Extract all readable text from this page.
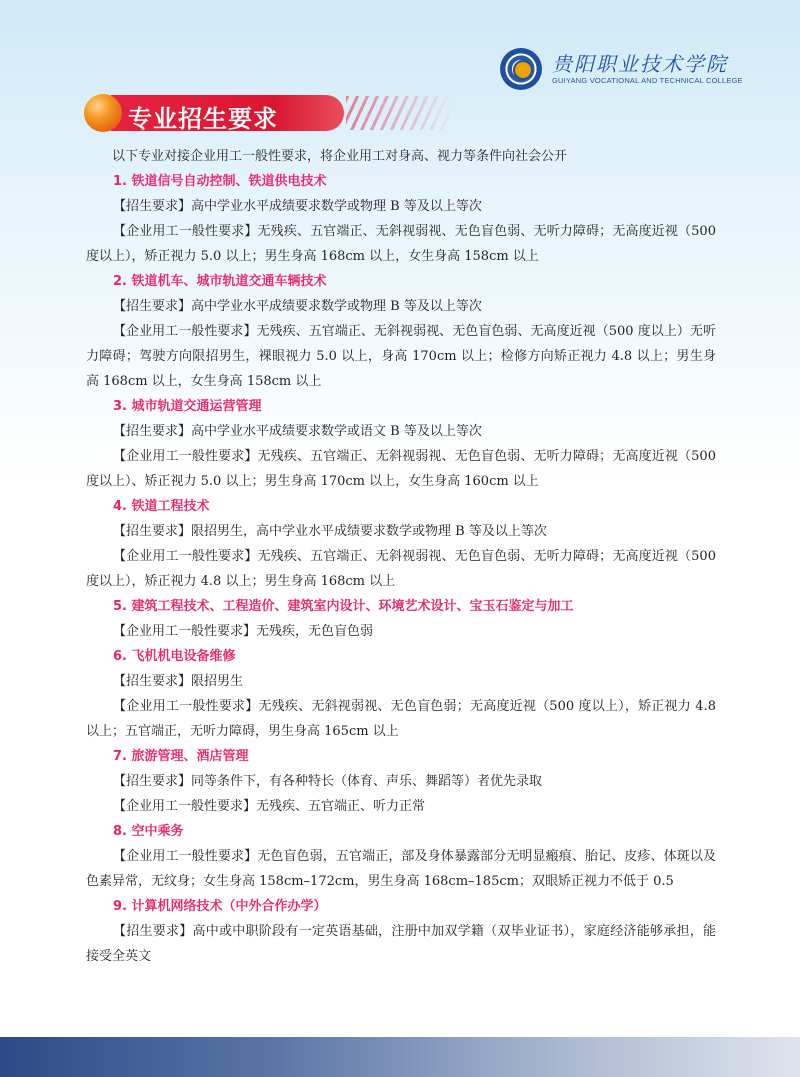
贵阳职业技术学院
GUIYANG VOCATIONAL AND TECHNICAL COLLEGE
专业招生要求

以下专业对接企业用工一般性要求，将企业用工对身高、视力等条件向社会公开

1. 铁道信号自动控制、铁道供电技术

【招生要求】高中学业水平成绩要求数学或物理 B 等及以上等次

【企业用工一般性要求】无残疾、五官端正、无斜视弱视、无色盲色弱、无听力障碍；无高度近视（500 度以上），矫正视力 5.0 以上；男生身高 168cm 以上，女生身高 158cm 以上

2. 铁道机车、城市轨道交通车辆技术

【招生要求】高中学业水平成绩要求数学或物理 B 等及以上等次

【企业用工一般性要求】无残疾、五官端正、无斜视弱视、无色盲色弱、无高度近视（500 度以上）无听力障碍；驾驶方向限招男生，裸眼视力 5.0 以上，身高 170cm 以上；检修方向矫正视力 4.8 以上；男生身高 168cm 以上，女生身高 158cm 以上

3. 城市轨道交通运营管理

【招生要求】高中学业水平成绩要求数学或语文 B 等及以上等次

【企业用工一般性要求】无残疾、五官端正、无斜视弱视、无色盲色弱、无听力障碍；无高度近视（500 度以上）、矫正视力 5.0 以上；男生身高 170cm 以上，女生身高 160cm 以上

4. 铁道工程技术

【招生要求】限招男生，高中学业水平成绩要求数学或物理 B 等及以上等次

【企业用工一般性要求】无残疾、五官端正、无斜视弱视、无色盲色弱、无听力障碍；无高度近视（500 度以上），矫正视力 4.8 以上；男生身高 168cm 以上

5. 建筑工程技术、工程造价、建筑室内设计、环境艺术设计、宝玉石鉴定与加工

【企业用工一般性要求】无残疾，无色盲色弱

6. 飞机机电设备维修

【招生要求】限招男生

【企业用工一般性要求】无残疾、无斜视弱视、无色盲色弱；无高度近视（500 度以上），矫正视力 4.8 以上；五官端正，无听力障碍，男生身高 165cm 以上

7. 旅游管理、酒店管理

【招生要求】同等条件下，有各种特长（体育、声乐、舞蹈等）者优先录取

【企业用工一般性要求】无残疾、五官端正、听力正常

8. 空中乘务

【企业用工一般性要求】无色盲色弱，五官端正，部及身体暴露部分无明显瘢痕、胎记、皮疹、体斑以及色素异常，无纹身；女生身高 158cm–172cm，男生身高 168cm–185cm；双眼矫正视力不低于 0.5

9. 计算机网络技术（中外合作办学）

【招生要求】高中或中职阶段有一定英语基础，注册中加双学籍（双毕业证书），家庭经济能够承担，能接受全英文
